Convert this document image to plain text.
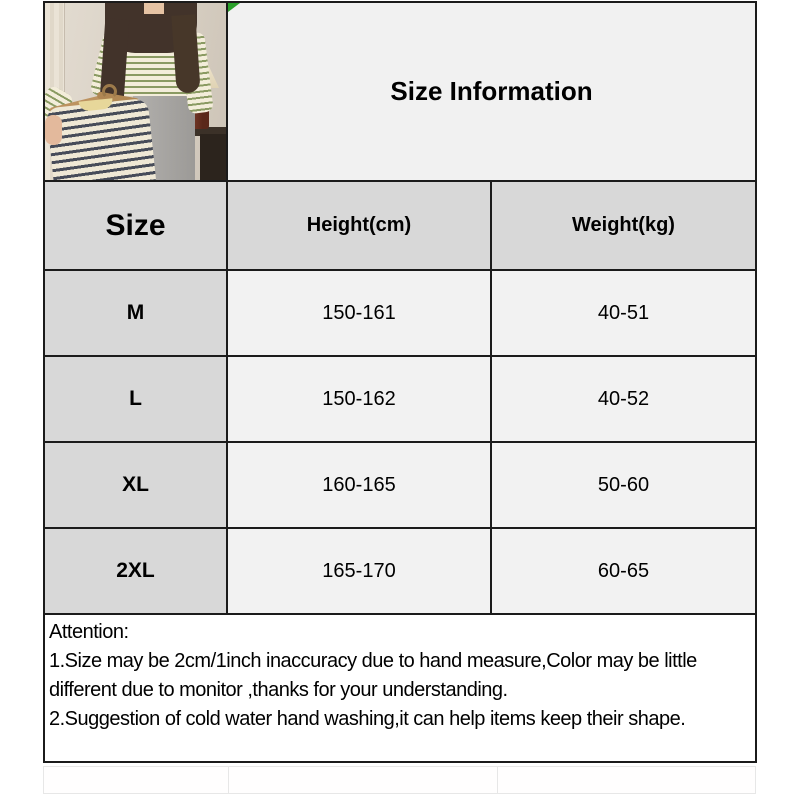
Size Information
Size	Height(cm)	Weight(kg)
M	150-161	40-51
L	150-162	40-52
XL	160-165	50-60
2XL	165-170	60-65
Attention:
1.Size may be 2cm/1inch inaccuracy due to hand measure,Color may be little
different due to monitor ,thanks for your understanding.
2.Suggestion of cold water hand washing,it can help items keep their shape.
